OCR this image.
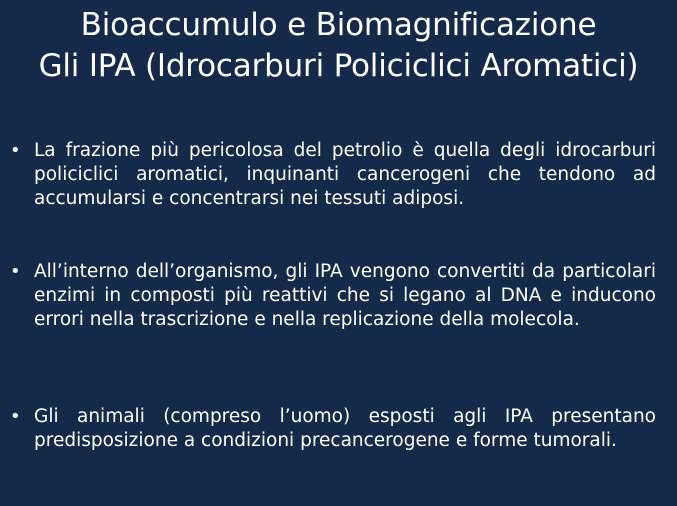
Bioaccumulo e Biomagnificazione
Gli IPA (Idrocarburi Policiclici Aromatici)
• La frazione più pericolosa del petrolio è quella degli idrocarburi policiclici aromatici, inquinanti cancerogeni che tendono ad accumularsi e concentrarsi nei tessuti adiposi.
• All’interno dell’organismo, gli IPA vengono convertiti da particolari enzimi in composti più reattivi che si legano al DNA e inducono errori nella trascrizione e nella replicazione della molecola.
• Gli animali (compreso l’uomo) esposti agli IPA presentano predisposizione a condizioni precancerogene e forme tumorali.
